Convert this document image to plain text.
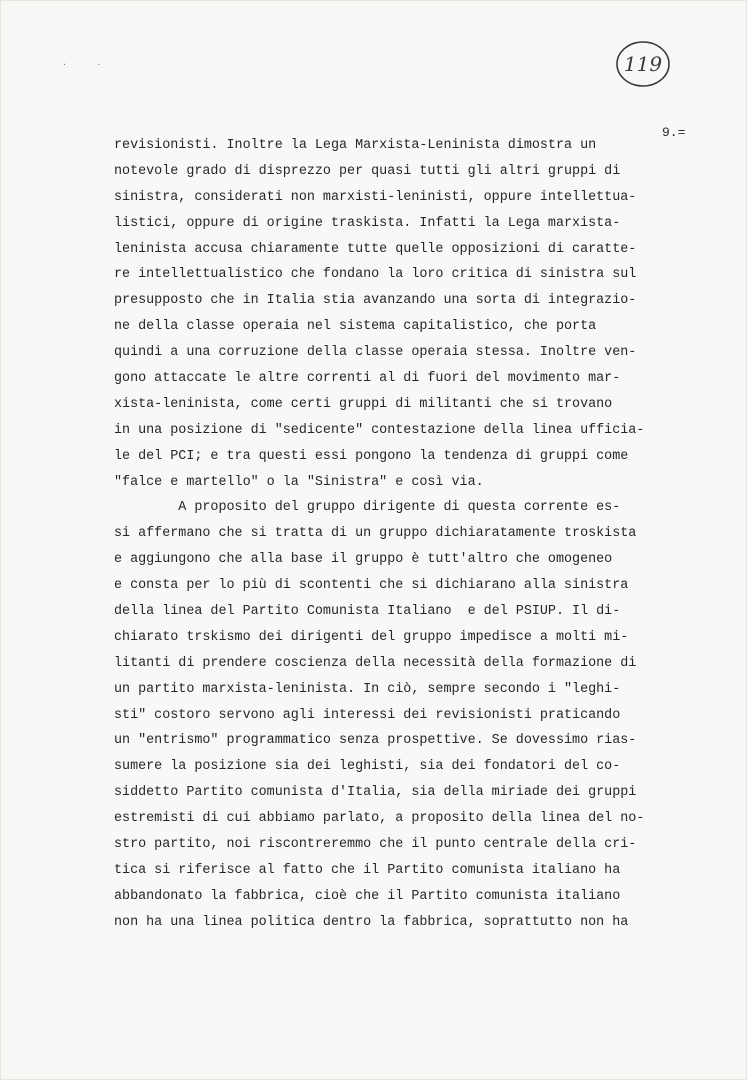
. .	119
9.=
revisionisti. Inoltre la Lega Marxista-Leninista dimostra un
notevole grado di disprezzo per quasi tutti gli altri gruppi di
sinistra, considerati non marxisti-leninisti, oppure intellettua-
listici, oppure di origine traskista. Infatti la Lega marxista-
leninista accusa chiaramente tutte quelle opposizioni di caratte-
re intellettualistico che fondano la loro critica di sinistra sul
presupposto che in Italia stia avanzando una sorta di integrazio-
ne della classe operaia nel sistema capitalistico, che porta
quindi a una corruzione della classe operaia stessa. Inoltre ven-
gono attaccate le altre correnti al di fuori del movimento mar-
xista-leninista, come certi gruppi di militanti che si trovano
in una posizione di "sedicente" contestazione della linea ufficia-
le del PCI; e tra questi essi pongono la tendenza di gruppi come
"falce e martello" o la "Sinistra" e così via.
A proposito del gruppo dirigente di questa corrente es-
si affermano che si tratta di un gruppo dichiaratamente troskista
e aggiungono che alla base il gruppo è tutt'altro che omogeneo
e consta per lo più di scontenti che si dichiarano alla sinistra
della linea del Partito Comunista Italiano  e del PSIUP. Il di-
chiarato trskismo dei dirigenti del gruppo impedisce a molti mi-
litanti di prendere coscienza della necessità della formazione di
un partito marxista-leninista. In ciò, sempre secondo i "leghi-
sti" costoro servono agli interessi dei revisionisti praticando
un "entrismo" programmatico senza prospettive. Se dovessimo rias-
sumere la posizione sia dei leghisti, sia dei fondatori del co-
siddetto Partito comunista d'Italia, sia della miriade dei gruppi
estremisti di cui abbiamo parlato, a proposito della linea del no-
stro partito, noi riscontreremmo che il punto centrale della cri-
tica si riferisce al fatto che il Partito comunista italiano ha
abbandonato la fabbrica, cioè che il Partito comunista italiano
non ha una linea politica dentro la fabbrica, soprattutto non ha
